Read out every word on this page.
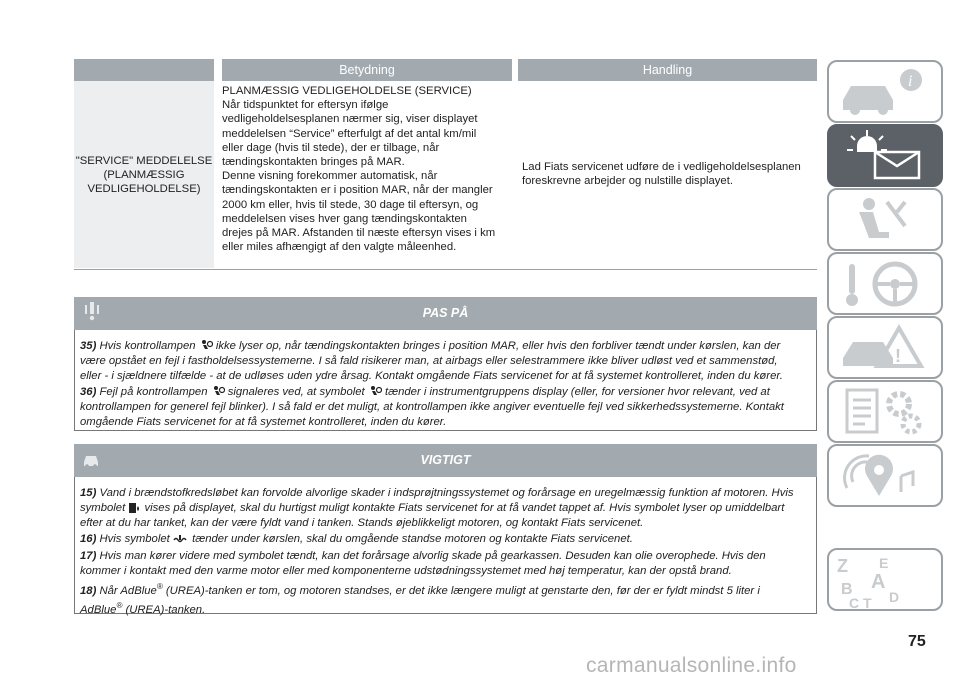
Betydning	Handling
"SERVICE" MEDDELELSE
(PLANMÆSSIG
VEDLIGEHOLDELSE)
PLANMÆSSIG VEDLIGEHOLDELSE (SERVICE)
Når tidspunktet for eftersyn ifølge
vedligeholdelsesplanen nærmer sig, viser displayet
meddelelsen “Service” efterfulgt af det antal km/mil
eller dage (hvis til stede), der er tilbage, når
tændingskontakten bringes på MAR.
Denne visning forekommer automatisk, når
tændingskontakten er i position MAR, når der mangler
2000 km eller, hvis til stede, 30 dage til eftersyn, og
meddelelsen vises hver gang tændingskontakten
drejes på MAR. Afstanden til næste eftersyn vises i km
eller miles afhængigt af den valgte måleenhed.
Lad Fiats servicenet udføre de i vedligeholdelsesplanen
foreskrevne arbejder og nulstille displayet.
PAS PÅ
35) Hvis kontrollampen ikke lyser op, når tændingskontakten bringes i position MAR, eller hvis den forbliver tændt under kørslen, kan der
være opstået en fejl i fastholdelsessystemerne. I så fald risikerer man, at airbags eller selestrammere ikke bliver udløst ved et sammenstød,
eller - i sjældnere tilfælde - at de udløses uden ydre årsag. Kontakt omgående Fiats servicenet for at få systemet kontrolleret, inden du kører.
36) Fejl på kontrollampen signaleres ved, at symbolet tænder i instrumentgruppens display (eller, for versioner hvor relevant, ved at
kontrollampen for generel fejl blinker). I så fald er det muligt, at kontrollampen ikke angiver eventuelle fejl ved sikkerhedssystemerne. Kontakt
omgående Fiats servicenet for at få systemet kontrolleret, inden du kører.
VIGTIGT
15) Vand i brændstofkredsløbet kan forvolde alvorlige skader i indsprøjtningssystemet og forårsage en uregelmæssig funktion af motoren. Hvis
symbolet vises på displayet, skal du hurtigst muligt kontakte Fiats servicenet for at få vandet tappet af. Hvis symbolet lyser op umiddelbart
efter at du har tanket, kan der være fyldt vand i tanken. Stands øjeblikkeligt motoren, og kontakt Fiats servicenet.
16) Hvis symbolet tænder under kørslen, skal du omgående standse motoren og kontakte Fiats servicenet.
17) Hvis man kører videre med symbolet tændt, kan det forårsage alvorlig skade på gearkassen. Desuden kan olie overophede. Hvis den
kommer i kontakt med den varme motor eller med komponenterne udstødningssystemet med høj temperatur, kan der opstå brand.
18) Når AdBlue® (UREA)-tanken er tom, og motoren standses, er det ikke længere muligt at genstarte den, før der er fyldt mindst 5 liter i
AdBlue® (UREA)-tanken.
i
!
Z E
A
B
C T D
75
carmanualsonline.info
